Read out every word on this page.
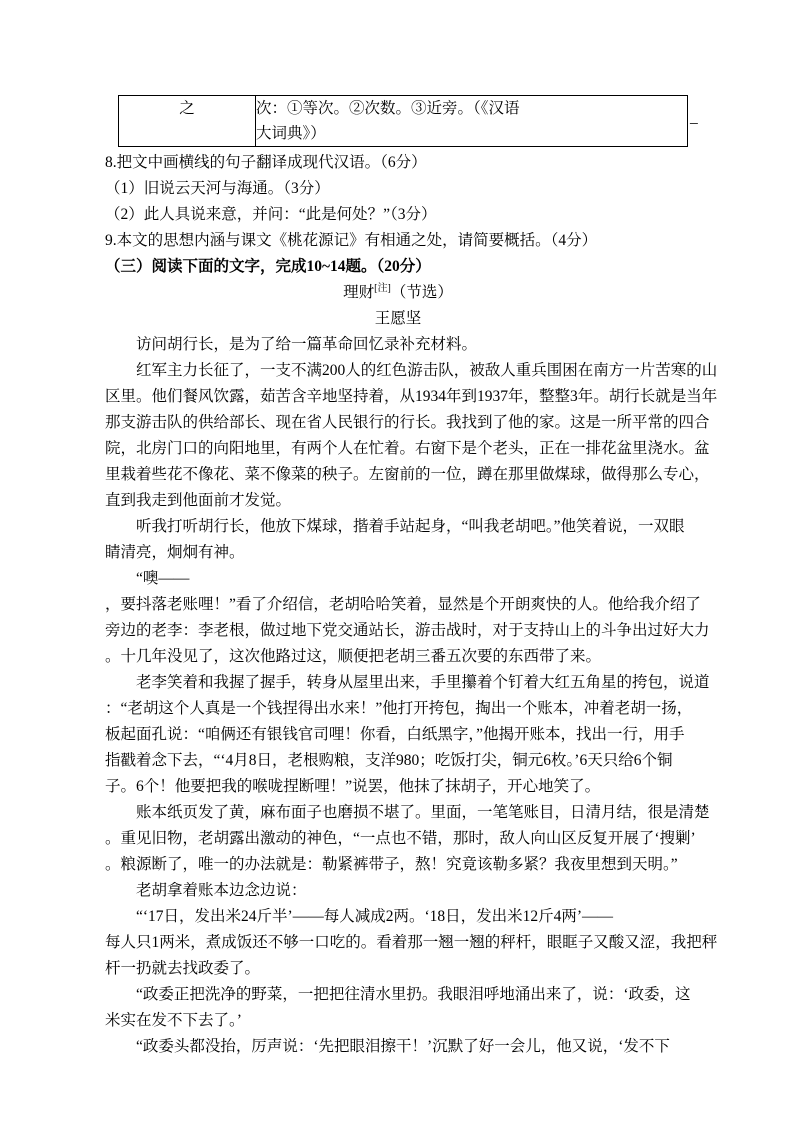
之	次：①等次。②次数。③近旁。（《汉语
大词典》）
_
8.把文中画横线的句子翻译成现代汉语。（6分）
（1）旧说云天河与海通。（3分）
（2）此人具说来意，并问：“此是何处？”（3分）
9.本文的思想内涵与课文《桃花源记》有相通之处，请简要概括。（4分）
（三）阅读下面的文字，完成10~14题。（20分）
理财[注]（节选）
王愿坚
访问胡行长，是为了给一篇革命回忆录补充材料。
红军主力长征了，一支不满200人的红色游击队，被敌人重兵围困在南方一片苦寒的山
区里。他们餐风饮露，茹苦含辛地坚持着，从1934年到1937年，整整3年。胡行长就是当年
那支游击队的供给部长、现在省人民银行的行长。我找到了他的家。这是一所平常的四合
院，北房门口的向阳地里，有两个人在忙着。右窗下是个老头，正在一排花盆里浇水。盆
里栽着些花不像花、菜不像菜的秧子。左窗前的一位，蹲在那里做煤球，做得那么专心，
直到我走到他面前才发觉。
听我打听胡行长，他放下煤球，揩着手站起身，“叫我老胡吧。”他笑着说，一双眼
睛清亮，炯炯有神。
“噢——
，要抖落老账哩！”看了介绍信，老胡哈哈笑着，显然是个开朗爽快的人。他给我介绍了
旁边的老李：李老根，做过地下党交通站长，游击战时，对于支持山上的斗争出过好大力
。十几年没见了，这次他路过这，顺便把老胡三番五次要的东西带了来。
老李笑着和我握了握手，转身从屋里出来，手里攥着个钉着大红五角星的挎包，说道
：“老胡这个人真是一个钱捏得出水来！”他打开挎包，掏出一个账本，冲着老胡一扬，
板起面孔说：“咱俩还有银钱官司哩！你看，白纸黑字，”他揭开账本，找出一行，用手
指戳着念下去，“‘4月8日，老根购粮，支洋980；吃饭打尖，铜元6枚。’6天只给6个铜
子。6个！他要把我的喉咙捏断哩！”说罢，他抹了抹胡子，开心地笑了。
账本纸页发了黄，麻布面子也磨损不堪了。里面，一笔笔账目，日清月结，很是清楚
。重见旧物，老胡露出激动的神色，“一点也不错，那时，敌人向山区反复开展了‘搜剿’
。粮源断了，唯一的办法就是：勒紧裤带子，熬！究竟该勒多紧？我夜里想到天明。”
老胡拿着账本边念边说：
“‘17日，发出米24斤半’——每人减成2两。‘18日，发出米12斤4两’——
每人只1两米，煮成饭还不够一口吃的。看着那一翘一翘的秤杆，眼眶子又酸又涩，我把秤
杆一扔就去找政委了。
“政委正把洗净的野菜，一把把往清水里扔。我眼泪呼地涌出来了，说：‘政委，这
米实在发不下去了。’
“政委头都没抬，厉声说：‘先把眼泪擦干！’沉默了好一会儿，他又说，‘发不下
